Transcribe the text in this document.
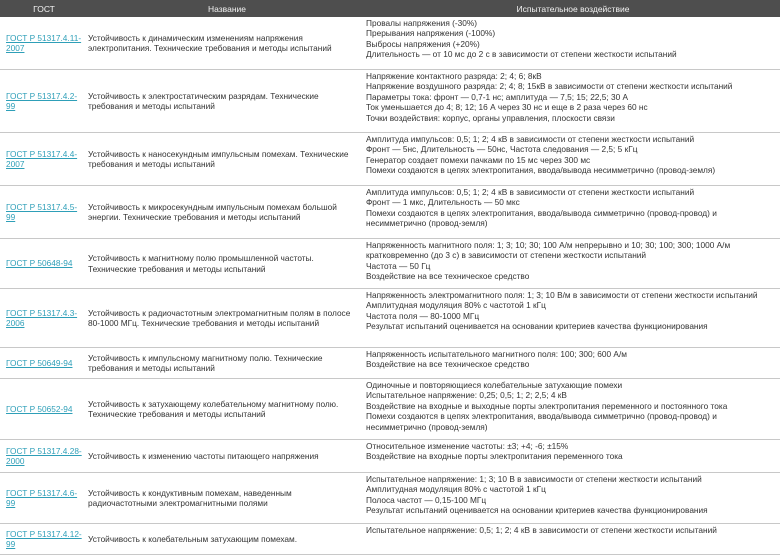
ГОСТ	Название	Испытательное воздействие

ГОСТ Р 51317.4.11-2007	Устойчивость к динамическим изменениям напряжения электропитания. Технические требования и методы испытаний	Провалы напряжения (-30%)
Прерывания напряжения (-100%)
Выбросы напряжения (+20%)
Длительность — от 10 мс до 2 с в зависимости от степени жесткости испытаний

ГОСТ Р 51317.4.2-99	Устойчивость к электростатическим разрядам. Технические требования и методы испытаний	Напряжение контактного разряда: 2; 4; 6; 8кВ
Напряжение воздушного разряда: 2; 4; 8; 15кВ в зависимости от степени жесткости испытаний
Параметры тока: фронт — 0,7-1 нс; амплитуда — 7,5; 15; 22,5; 30 А
Ток уменьшается до 4; 8; 12; 16 А через 30 нс и еще в 2 раза через 60 нс
Точки воздействия: корпус, органы управления, плоскости связи

ГОСТ Р 51317.4.4-2007	Устойчивость к наносекундным импульсным помехам. Технические требования и методы испытаний	Амплитуда импульсов: 0,5; 1; 2; 4 кВ в зависимости от степени жесткости испытаний
Фронт — 5нс, Длительность — 50нс, Частота следования — 2,5; 5 кГц
Генератор создает помехи пачками по 15 мс через 300 мс
Помехи создаются в цепях электропитания, ввода/вывода несимметрично (провод-земля)

ГОСТ Р 51317.4.5-99	Устойчивость к микросекундным импульсным помехам большой энергии. Технические требования и методы испытаний	Амплитуда импульсов: 0,5; 1; 2; 4 кВ в зависимости от степени жесткости испытаний
Фронт — 1 мкс, Длительность — 50 мкс
Помехи создаются в цепях электропитания, ввода/вывода симметрично (провод-провод) и несимметрично (провод-земля)

ГОСТ Р 50648-94	Устойчивость к магнитному полю промышленной частоты. Технические требования и методы испытаний	Напряженность магнитного поля: 1; 3; 10; 30; 100 А/м непрерывно и 10; 30; 100; 300; 1000 А/м кратковременно (до 3 с) в зависимости от степени жесткости испытаний
Частота — 50 Гц
Воздействие на все техническое средство

ГОСТ Р 51317.4.3-2006	Устойчивость к радиочастотным электромагнитным полям в полосе 80-1000 МГц. Технические требования и методы испытаний	Напряженность электромагнитного поля: 1; 3; 10 В/м в зависимости от степени жесткости испытаний
Амплитудная модуляция 80% с частотой 1 кГц
Частота поля — 80-1000 МГц
Результат испытаний оценивается на основании критериев качества функционирования

ГОСТ Р 50649-94	Устойчивость к импульсному магнитному полю. Технические требования и методы испытаний	Напряженность испытательного магнитного поля: 100; 300; 600 А/м
Воздействие на все техническое средство

ГОСТ Р 50652-94	Устойчивость к затухающему колебательному магнитному полю. Технические требования и методы испытаний	Одиночные и повторяющиеся колебательные затухающие помехи
Испытательное напряжение: 0,25; 0,5; 1; 2; 2,5; 4 кВ
Воздействие на входные и выходные порты электропитания переменного и постоянного тока
Помехи создаются в цепях электропитания, ввода/вывода симметрично (провод-провод) и несимметрично (провод-земля)

ГОСТ Р 51317.4.28-2000	Устойчивость к изменению частоты питающего напряжения	Относительное изменение частоты: ±3; +4; -6; ±15%
Воздействие на входные порты электропитания переменного тока

ГОСТ Р 51317.4.6-99	Устойчивость к кондуктивным помехам, наведенным радиочастотными электромагнитными полями	Испытательное напряжение: 1; 3; 10 В в зависимости от степени жесткости испытаний
Амплитудная модуляция 80% с частотой 1 кГц
Полоса частот — 0,15-100 МГц
Результат испытаний оценивается на основании критериев качества функционирования

ГОСТ Р 51317.4.12-99	Устойчивость к колебательным затухающим помехам.	Испытательное напряжение: 0,5; 1; 2; 4 кВ в зависимости от степени жесткости испытаний
